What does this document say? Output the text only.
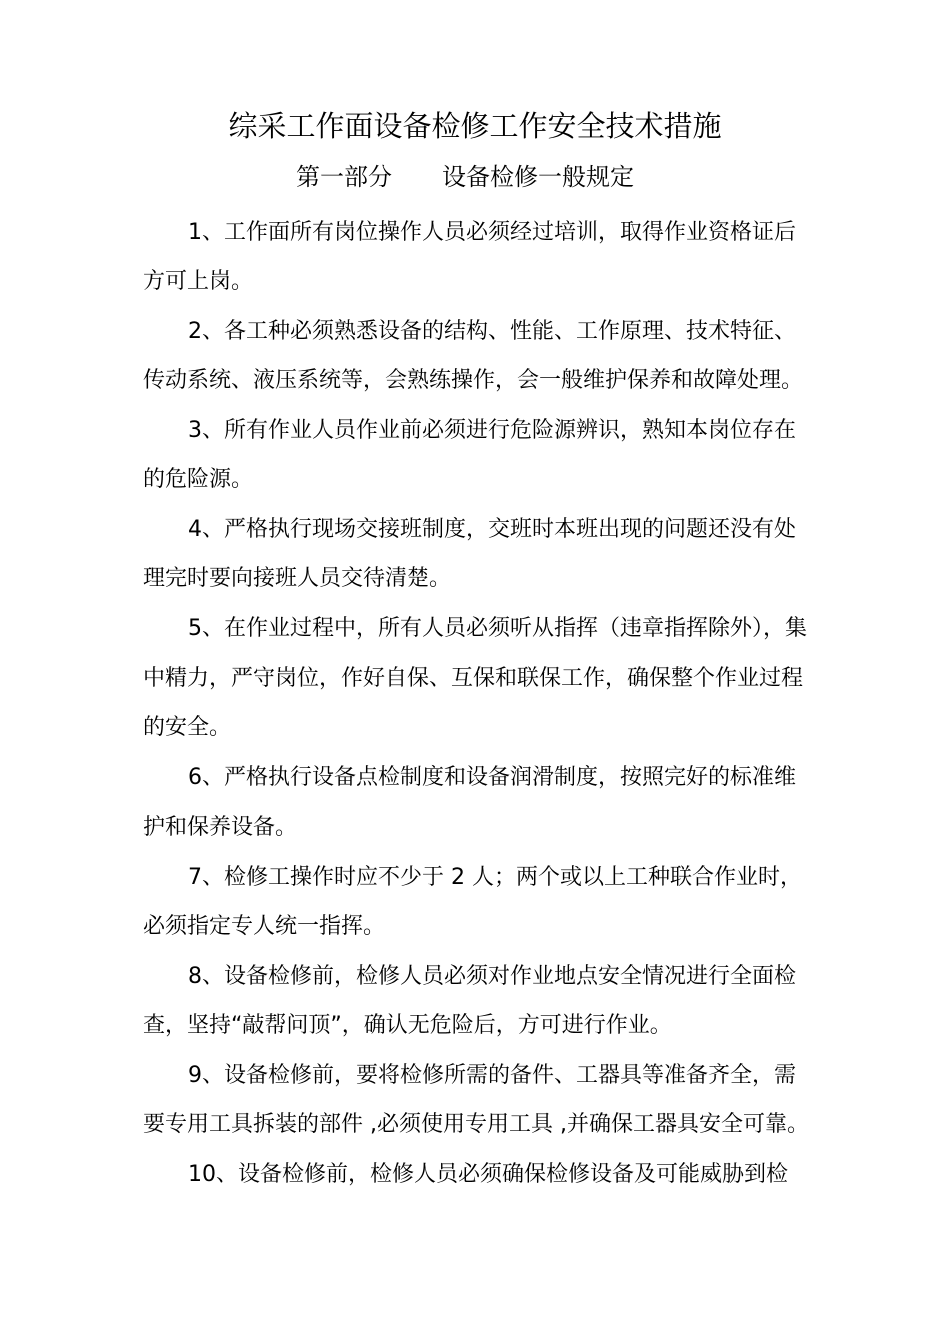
综采工作面设备检修工作安全技术措施
第一部分 设备检修一般规定
1、工作面所有岗位操作人员必须经过培训，取得作业资格证后
方可上岗。
2、各工种必须熟悉设备的结构、性能、工作原理、技术特征、
传动系统、液压系统等，会熟练操作，会一般维护保养和故障处理。
3、所有作业人员作业前必须进行危险源辨识，熟知本岗位存在
的危险源。
4、严格执行现场交接班制度，交班时本班出现的问题还没有处
理完时要向接班人员交待清楚。
5、在作业过程中，所有人员必须听从指挥（违章指挥除外），集
中精力，严守岗位，作好自保、互保和联保工作，确保整个作业过程
的安全。
6、严格执行设备点检制度和设备润滑制度，按照完好的标准维
护和保养设备。
7、检修工操作时应不少于 2 人；两个或以上工种联合作业时，
必须指定专人统一指挥。
8、设备检修前，检修人员必须对作业地点安全情况进行全面检
查，坚持“敲帮问顶”，确认无危险后，方可进行作业。
9、设备检修前，要将检修所需的备件、工器具等准备齐全，需
要专用工具拆装的部件 ,必须使用专用工具 ,并确保工器具安全可靠。
10、设备检修前，检修人员必须确保检修设备及可能威胁到检
